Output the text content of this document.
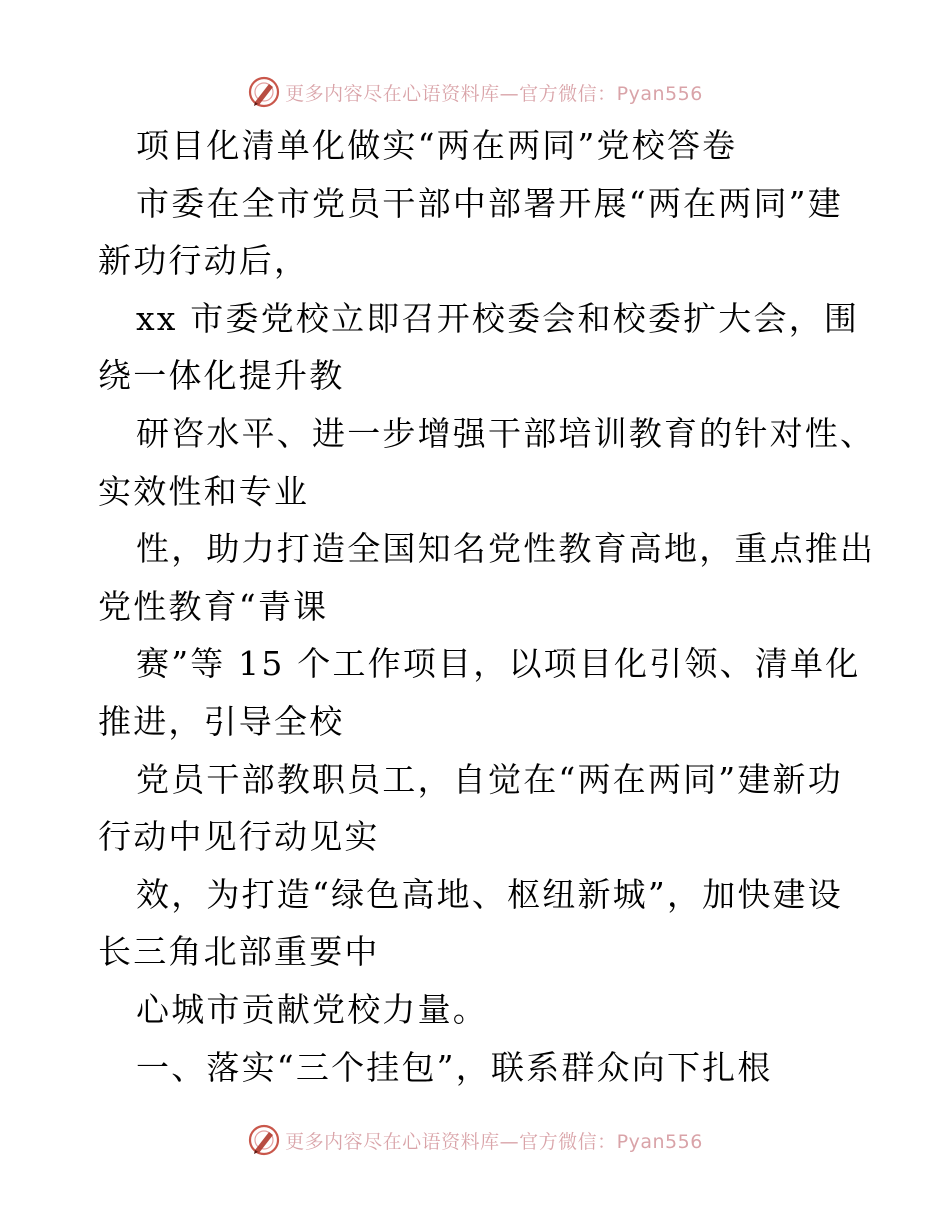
更多内容尽在心语资料库—官方微信：Pyan556
项目化清单化做实“两在两同”党校答卷
市委在全市党员干部中部署开展“两在两同”建
新功行动后，
xx 市委党校立即召开校委会和校委扩大会，围
绕一体化提升教
研咨水平、进一步增强干部培训教育的针对性、
实效性和专业
性，助力打造全国知名党性教育高地，重点推出
党性教育“青课
赛”等 15 个工作项目，以项目化引领、清单化
推进，引导全校
党员干部教职员工，自觉在“两在两同”建新功
行动中见行动见实
效，为打造“绿色高地、枢纽新城”，加快建设
长三角北部重要中
心城市贡献党校力量。
一、落实“三个挂包”，联系群众向下扎根
更多内容尽在心语资料库—官方微信：Pyan556
